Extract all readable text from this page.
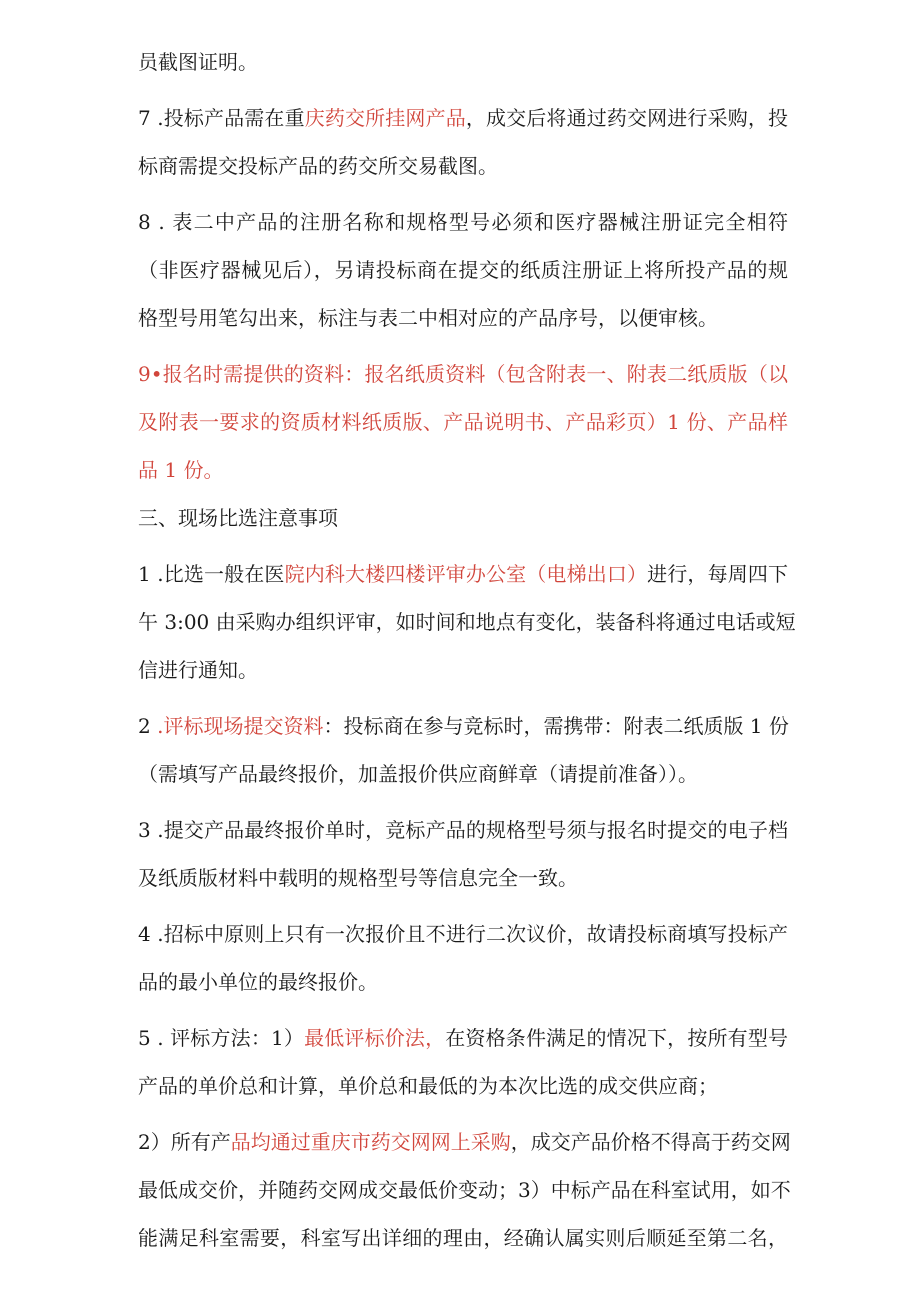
员截图证明。
7 .投标产品需在重庆药交所挂网产品，成交后将通过药交网进行采购，投
标商需提交投标产品的药交所交易截图。
8 . 表二中产品的注册名称和规格型号必须和医疗器械注册证完全相符
（非医疗器械见后），另请投标商在提交的纸质注册证上将所投产品的规
格型号用笔勾出来，标注与表二中相对应的产品序号，以便审核。
9•报名时需提供的资料：报名纸质资料（包含附表一、附表二纸质版（以
及附表一要求的资质材料纸质版、产品说明书、产品彩页）1 份、产品样
品 1 份。
三、现场比选注意事项
1 .比选一般在医院内科大楼四楼评审办公室（电梯出口）进行，每周四下
午 3:00 由采购办组织评审，如时间和地点有变化，装备科将通过电话或短
信进行通知。
2 .评标现场提交资料：投标商在参与竞标时，需携带：附表二纸质版 1 份
（需填写产品最终报价，加盖报价供应商鲜章（请提前准备））。
3 .提交产品最终报价单时，竞标产品的规格型号须与报名时提交的电子档
及纸质版材料中载明的规格型号等信息完全一致。
4 .招标中原则上只有一次报价且不进行二次议价，故请投标商填写投标产
品的最小单位的最终报价。
5 . 评标方法：1）最低评标价法，在资格条件满足的情况下，按所有型号
产品的单价总和计算，单价总和最低的为本次比选的成交供应商；
2）所有产品均通过重庆市药交网网上采购，成交产品价格不得高于药交网
最低成交价，并随药交网成交最低价变动；3）中标产品在科室试用，如不
能满足科室需要，科室写出详细的理由，经确认属实则后顺延至第二名，
